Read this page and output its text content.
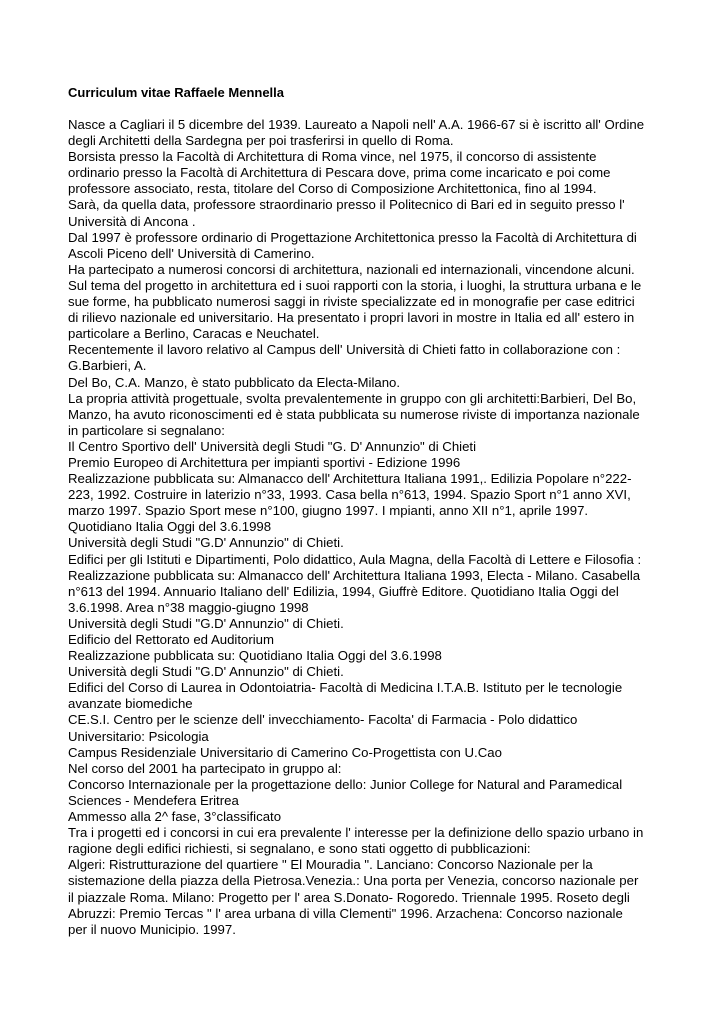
Curriculum vitae Raffaele Mennella
Nasce a Cagliari il 5 dicembre del 1939. Laureato a Napoli nell' A.A. 1966-67 si è iscritto all' Ordine
degli Architetti della Sardegna per poi trasferirsi in quello di Roma.
Borsista presso la Facoltà di Architettura di Roma vince, nel 1975, il concorso di assistente
ordinario presso la Facoltà di Architettura di Pescara dove, prima come incaricato e poi come
professore associato, resta, titolare del Corso di Composizione Architettonica, fino al 1994.
Sarà, da quella data, professore straordinario presso il Politecnico di Bari ed in seguito presso l'
Università di Ancona .
Dal 1997 è professore ordinario di Progettazione Architettonica presso la Facoltà di Architettura di
Ascoli Piceno dell' Università di Camerino.
Ha partecipato a numerosi concorsi di architettura, nazionali ed internazionali, vincendone alcuni.
Sul tema del progetto in architettura ed i suoi rapporti con la storia, i luoghi, la struttura urbana e le
sue forme, ha pubblicato numerosi saggi in riviste specializzate ed in monografie per case editrici
di rilievo nazionale ed universitario. Ha presentato i propri lavori in mostre in Italia ed all' estero in
particolare a Berlino, Caracas e Neuchatel.
Recentemente il lavoro relativo al Campus dell' Università di Chieti fatto in collaborazione con :
G.Barbieri, A.
Del Bo, C.A. Manzo, è stato pubblicato da Electa-Milano.
La propria attività progettuale, svolta prevalentemente in gruppo con gli architetti:Barbieri, Del Bo,
Manzo, ha avuto riconoscimenti ed è stata pubblicata su numerose riviste di importanza nazionale
in particolare si segnalano:
Il Centro Sportivo dell' Università degli Studi "G. D' Annunzio" di Chieti
Premio Europeo di Architettura per impianti sportivi - Edizione 1996
Realizzazione pubblicata su: Almanacco dell' Architettura Italiana 1991,. Edilizia Popolare n°222-
223, 1992. Costruire in laterizio n°33, 1993. Casa bella n°613, 1994. Spazio Sport n°1 anno XVI,
marzo 1997. Spazio Sport mese n°100, giugno 1997. I mpianti, anno XII n°1, aprile 1997.
Quotidiano Italia Oggi del 3.6.1998
Università degli Studi "G.D' Annunzio" di Chieti.
Edifici per gli Istituti e Dipartimenti, Polo didattico, Aula Magna, della Facoltà di Lettere e Filosofia :
Realizzazione pubblicata su: Almanacco dell' Architettura Italiana 1993, Electa - Milano. Casabella
n°613 del 1994. Annuario Italiano dell' Edilizia, 1994, Giuffrè Editore. Quotidiano Italia Oggi del
3.6.1998. Area n°38 maggio-giugno 1998
Università degli Studi "G.D' Annunzio" di Chieti.
Edificio del Rettorato ed Auditorium
Realizzazione pubblicata su: Quotidiano Italia Oggi del 3.6.1998
Università degli Studi "G.D' Annunzio" di Chieti.
Edifici del Corso di Laurea in Odontoiatria- Facoltà di Medicina I.T.A.B. Istituto per le tecnologie
avanzate biomediche
CE.S.I. Centro per le scienze dell' invecchiamento- Facolta' di Farmacia - Polo didattico
Universitario: Psicologia
Campus Residenziale Universitario di Camerino Co-Progettista con U.Cao
Nel corso del 2001 ha partecipato in gruppo al:
Concorso Internazionale per la progettazione dello: Junior College for Natural and Paramedical
Sciences - Mendefera Eritrea
Ammesso alla 2^ fase, 3°classificato
Tra i progetti ed i concorsi in cui era prevalente l' interesse per la definizione dello spazio urbano in
ragione degli edifici richiesti, si segnalano, e sono stati oggetto di pubblicazioni:
Algeri: Ristrutturazione del quartiere " El Mouradia ". Lanciano: Concorso Nazionale per la
sistemazione della piazza della Pietrosa.Venezia.: Una porta per Venezia, concorso nazionale per
il piazzale Roma. Milano: Progetto per l' area S.Donato- Rogoredo. Triennale 1995. Roseto degli
Abruzzi: Premio Tercas " l' area urbana di villa Clementi" 1996. Arzachena: Concorso nazionale
per il nuovo Municipio. 1997.
